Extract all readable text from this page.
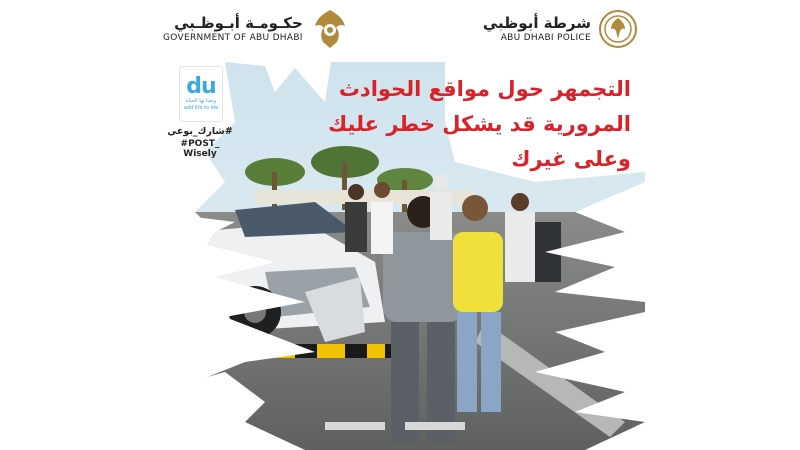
حكـومـة أبـوظـبي
GOVERNMENT OF ABU DHABI
شرطة أبوظبي
ABU DHABI POLICE
du
وتحيا بها الحياة
add life to life
#شارك_بوعي
#POST_ Wisely
التجمهر حول مواقع الحوادث
المرورية قد يشكل خطر عليك
وعلى غيرك
